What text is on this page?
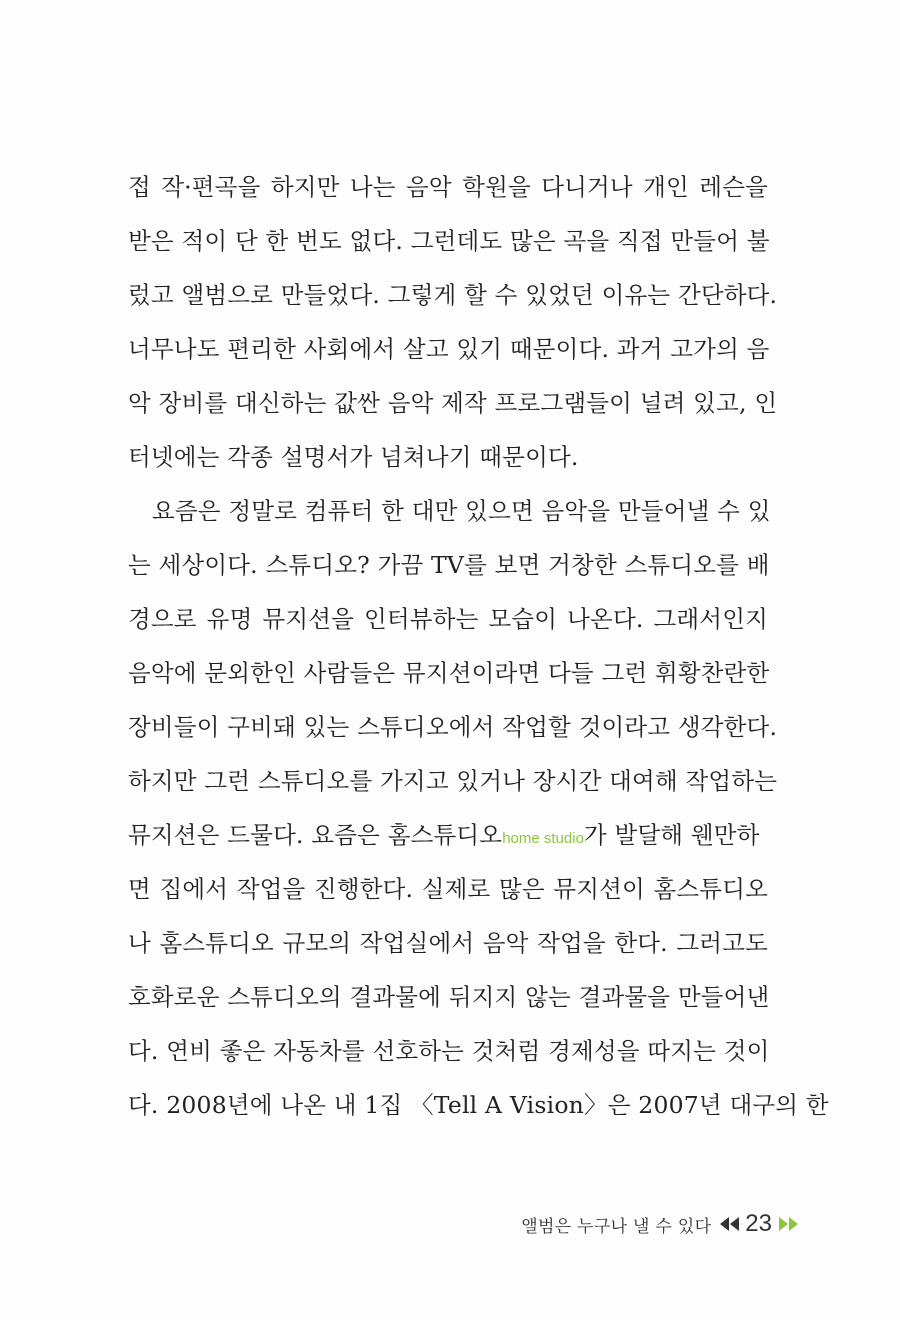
접 작·편곡을 하지만 나는 음악 학원을 다니거나 개인 레슨을
받은 적이 단 한 번도 없다. 그런데도 많은 곡을 직접 만들어 불
렀고 앨범으로 만들었다. 그렇게 할 수 있었던 이유는 간단하다.
너무나도 편리한 사회에서 살고 있기 때문이다. 과거 고가의 음
악 장비를 대신하는 값싼 음악 제작 프로그램들이 널려 있고, 인
터넷에는 각종 설명서가 넘쳐나기 때문이다.
요즘은 정말로 컴퓨터 한 대만 있으면 음악을 만들어낼 수 있
는 세상이다. 스튜디오? 가끔 TV를 보면 거창한 스튜디오를 배
경으로 유명 뮤지션을 인터뷰하는 모습이 나온다. 그래서인지
음악에 문외한인 사람들은 뮤지션이라면 다들 그런 휘황찬란한
장비들이 구비돼 있는 스튜디오에서 작업할 것이라고 생각한다.
하지만 그런 스튜디오를 가지고 있거나 장시간 대여해 작업하는
뮤지션은 드물다. 요즘은 홈스튜디오home studio가 발달해 웬만하
면 집에서 작업을 진행한다. 실제로 많은 뮤지션이 홈스튜디오
나 홈스튜디오 규모의 작업실에서 음악 작업을 한다. 그러고도
호화로운 스튜디오의 결과물에 뒤지지 않는 결과물을 만들어낸
다. 연비 좋은 자동차를 선호하는 것처럼 경제성을 따지는 것이
다. 2008년에 나온 내 1집 〈Tell A Vision〉은 2007년 대구의 한
앨범은 누구나 낼 수 있다 23
